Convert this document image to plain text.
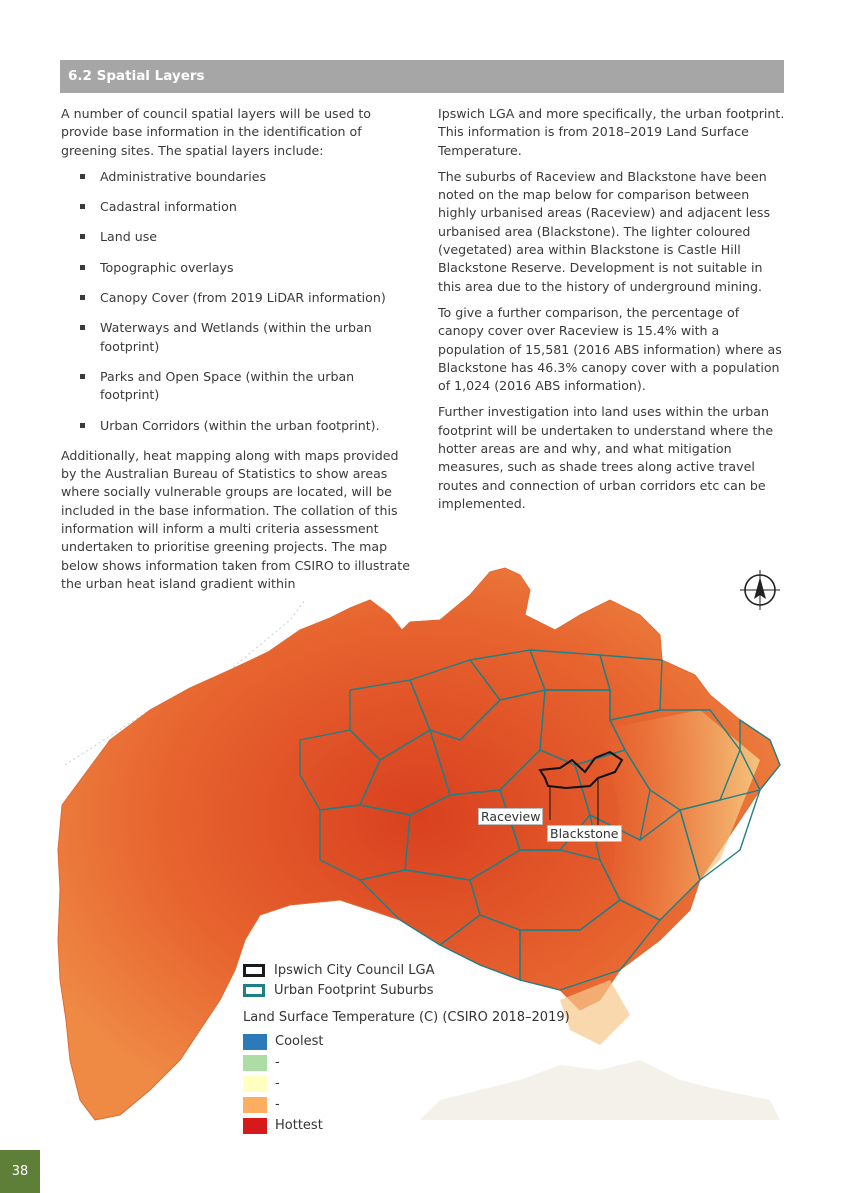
6.2 Spatial Layers

A number of council spatial layers will be used to provide base information in the identification of greening sites. The spatial layers include:

Administrative boundaries
Cadastral information
Land use
Topographic overlays
Canopy Cover (from 2019 LiDAR information)
Waterways and Wetlands (within the urban footprint)
Parks and Open Space (within the urban footprint)
Urban Corridors (within the urban footprint).

Additionally, heat mapping along with maps provided by the Australian Bureau of Statistics to show areas where socially vulnerable groups are located, will be included in the base information. The collation of this information will inform a multi criteria assessment undertaken to prioritise greening projects. The map below shows information taken from CSIRO to illustrate the urban heat island gradient within

Ipswich LGA and more specifically, the urban footprint. This information is from 2018–2019 Land Surface Temperature.

The suburbs of Raceview and Blackstone have been noted on the map below for comparison between highly urbanised areas (Raceview) and adjacent less urbanised area (Blackstone). The lighter coloured (vegetated) area within Blackstone is Castle Hill Blackstone Reserve. Development is not suitable in this area due to the history of underground mining.

To give a further comparison, the percentage of canopy cover over Raceview is 15.4% with a population of 15,581 (2016 ABS information) where as Blackstone has 46.3% canopy cover with a population of 1,024 (2016 ABS information).

Further investigation into land uses within the urban footprint will be undertaken to understand where the hotter areas are and why, and what mitigation measures, such as shade trees along active travel routes and connection of urban corridors etc can be implemented.

Raceview
Blackstone
Ipswich City Council LGA
Urban Footprint Suburbs
Land Surface Temperature (C) (CSIRO 2018–2019)
Coolest
-
-
-
Hottest
38
